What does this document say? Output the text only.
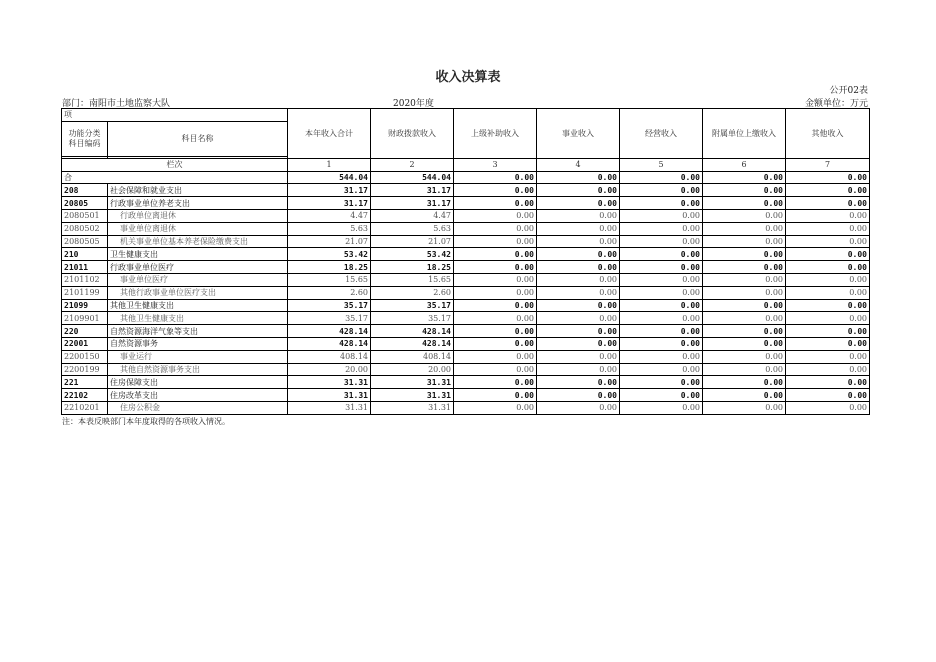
收入决算表
公开02表
部门：南阳市土地监察大队	2020年度	金额单位：万元
项		本年收入合计	财政拨款收入	上级补助收入	事业收入	经营收入	附属单位上缴收入	其他收入
功能分类
科目编码	科目名称							

栏次		1	2	3	4	5	6	7
合		544.04	544.04	0.00	0.00	0.00	0.00	0.00
208	社会保障和就业支出	31.17	31.17	0.00	0.00	0.00	0.00	0.00
20805	行政事业单位养老支出	31.17	31.17	0.00	0.00	0.00	0.00	0.00
2080501	行政单位离退休	4.47	4.47	0.00	0.00	0.00	0.00	0.00
2080502	事业单位离退休	5.63	5.63	0.00	0.00	0.00	0.00	0.00
2080505	机关事业单位基本养老保险缴费支出	21.07	21.07	0.00	0.00	0.00	0.00	0.00
210	卫生健康支出	53.42	53.42	0.00	0.00	0.00	0.00	0.00
21011	行政事业单位医疗	18.25	18.25	0.00	0.00	0.00	0.00	0.00
2101102	事业单位医疗	15.65	15.65	0.00	0.00	0.00	0.00	0.00
2101199	其他行政事业单位医疗支出	2.60	2.60	0.00	0.00	0.00	0.00	0.00
21099	其他卫生健康支出	35.17	35.17	0.00	0.00	0.00	0.00	0.00
2109901	其他卫生健康支出	35.17	35.17	0.00	0.00	0.00	0.00	0.00
220	自然资源海洋气象等支出	428.14	428.14	0.00	0.00	0.00	0.00	0.00
22001	自然资源事务	428.14	428.14	0.00	0.00	0.00	0.00	0.00
2200150	事业运行	408.14	408.14	0.00	0.00	0.00	0.00	0.00
2200199	其他自然资源事务支出	20.00	20.00	0.00	0.00	0.00	0.00	0.00
221	住房保障支出	31.31	31.31	0.00	0.00	0.00	0.00	0.00
22102	住房改革支出	31.31	31.31	0.00	0.00	0.00	0.00	0.00
2210201	住房公积金	31.31	31.31	0.00	0.00	0.00	0.00	0.00
注：本表反映部门本年度取得的各项收入情况。
